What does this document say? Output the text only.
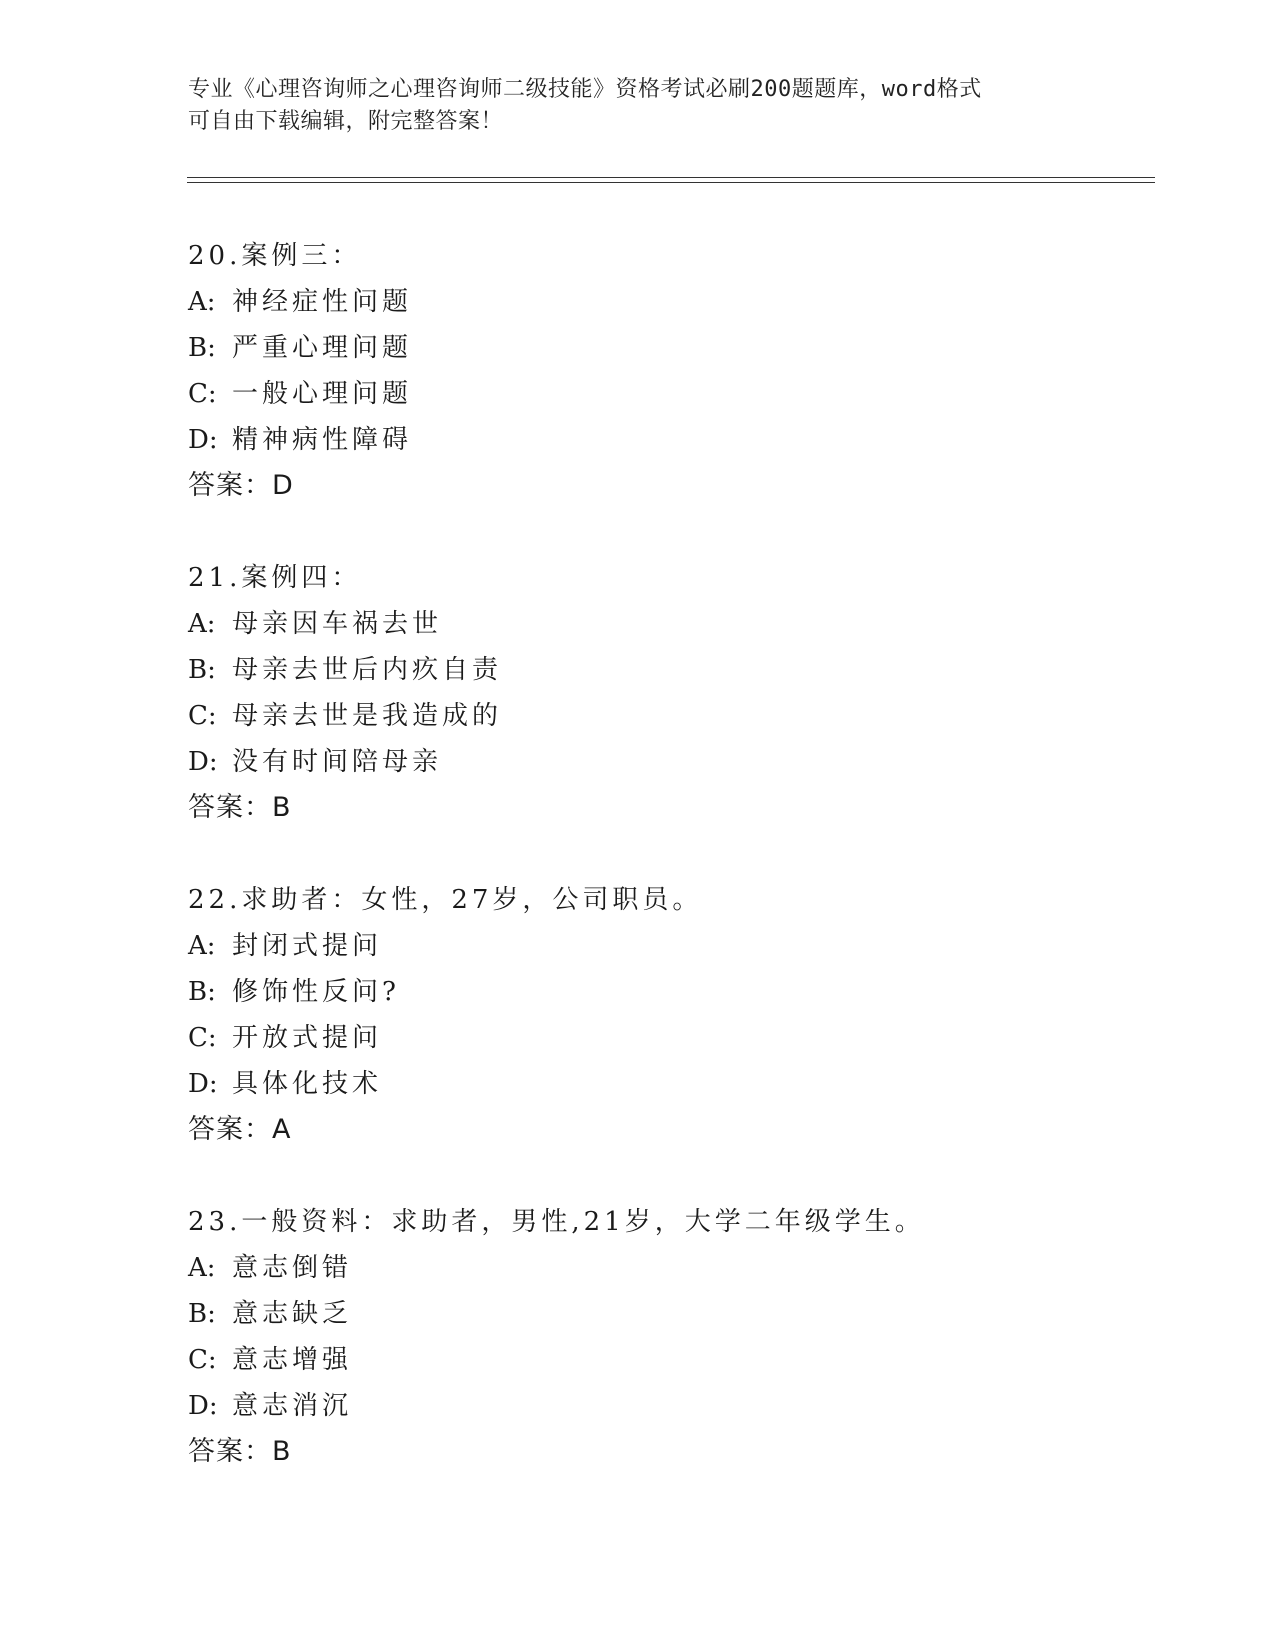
专业《心理咨询师之心理咨询师二级技能》资格考试必刷200题题库，word格式
可自由下载编辑，附完整答案！
20.案例三：
A: 神经症性问题
B: 严重心理问题
C: 一般心理问题
D: 精神病性障碍
答案：D
21.案例四：
A: 母亲因车祸去世
B: 母亲去世后内疚自责
C: 母亲去世是我造成的
D: 没有时间陪母亲
答案：B
22.求助者：女性，27岁，公司职员。
A: 封闭式提问
B: 修饰性反问?
C: 开放式提问
D: 具体化技术
答案：A
23.一般资料：求助者，男性,21岁，大学二年级学生。
A: 意志倒错
B: 意志缺乏
C: 意志增强
D: 意志消沉
答案：B
